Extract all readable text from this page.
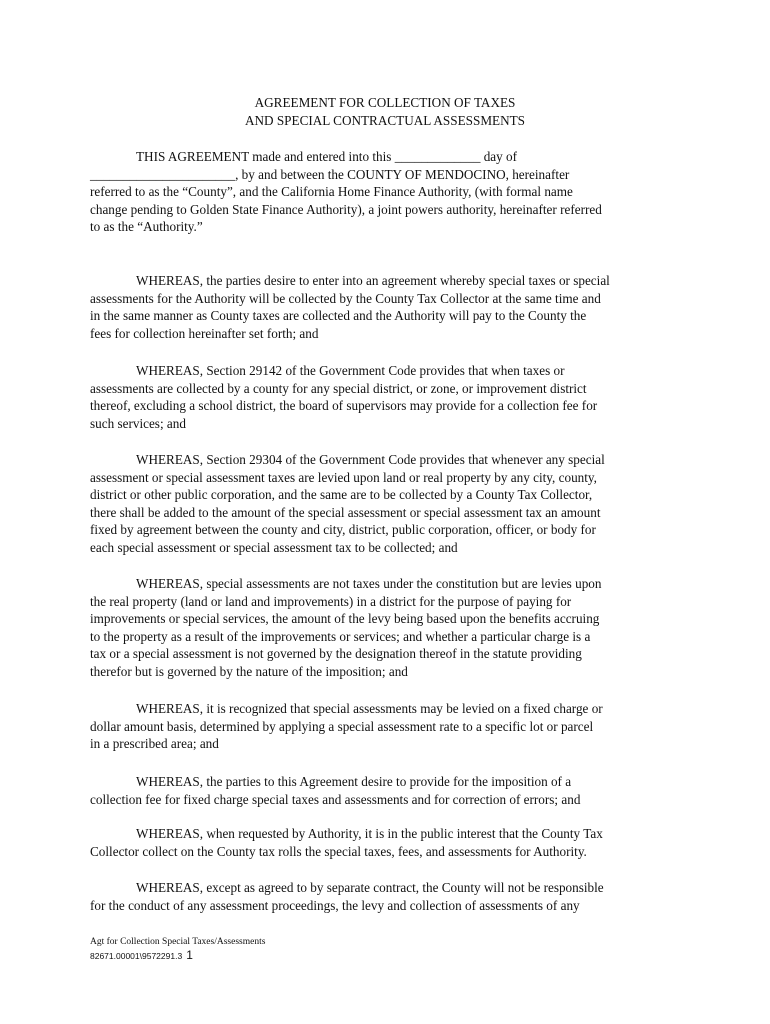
AGREEMENT FOR COLLECTION OF TAXES
AND SPECIAL CONTRACTUAL ASSESSMENTS

THIS AGREEMENT made and entered into this _____________ day of

______________________, by and between the COUNTY OF MENDOCINO, hereinafter

referred to as the “County”, and the California Home Finance Authority, (with formal name

change pending to Golden State Finance Authority), a joint powers authority, hereinafter referred

to as the “Authority.”

WHEREAS, the parties desire to enter into an agreement whereby special taxes or special

assessments for the Authority will be collected by the County Tax Collector at the same time and

in the same manner as County taxes are collected and the Authority will pay to the County the

fees for collection hereinafter set forth; and

WHEREAS, Section 29142 of the Government Code provides that when taxes or

assessments are collected by a county for any special district, or zone, or improvement district

thereof, excluding a school district, the board of supervisors may provide for a collection fee for

such services; and

WHEREAS, Section 29304 of the Government Code provides that whenever any special

assessment or special assessment taxes are levied upon land or real property by any city, county,

district or other public corporation, and the same are to be collected by a County Tax Collector,

there shall be added to the amount of the special assessment or special assessment tax an amount

fixed by agreement between the county and city, district, public corporation, officer, or body for

each special assessment or special assessment tax to be collected; and

WHEREAS, special assessments are not taxes under the constitution but are levies upon

the real property (land or land and improvements) in a district for the purpose of paying for

improvements or special services, the amount of the levy being based upon the benefits accruing

to the property as a result of the improvements or services; and whether a particular charge is a

tax or a special assessment is not governed by the designation thereof in the statute providing

therefor but is governed by the nature of the imposition; and

WHEREAS, it is recognized that special assessments may be levied on a fixed charge or

dollar amount basis, determined by applying a special assessment rate to a specific lot or parcel

in a prescribed area; and

WHEREAS, the parties to this Agreement desire to provide for the imposition of a

collection fee for fixed charge special taxes and assessments and for correction of errors; and

WHEREAS, when requested by Authority, it is in the public interest that the County Tax

Collector collect on the County tax rolls the special taxes, fees, and assessments for Authority.

WHEREAS, except as agreed to by separate contract, the County will not be responsible

for the conduct of any assessment proceedings, the levy and collection of assessments of any

Agt for Collection Special Taxes/Assessments
82671.00001\9572291.3 1
